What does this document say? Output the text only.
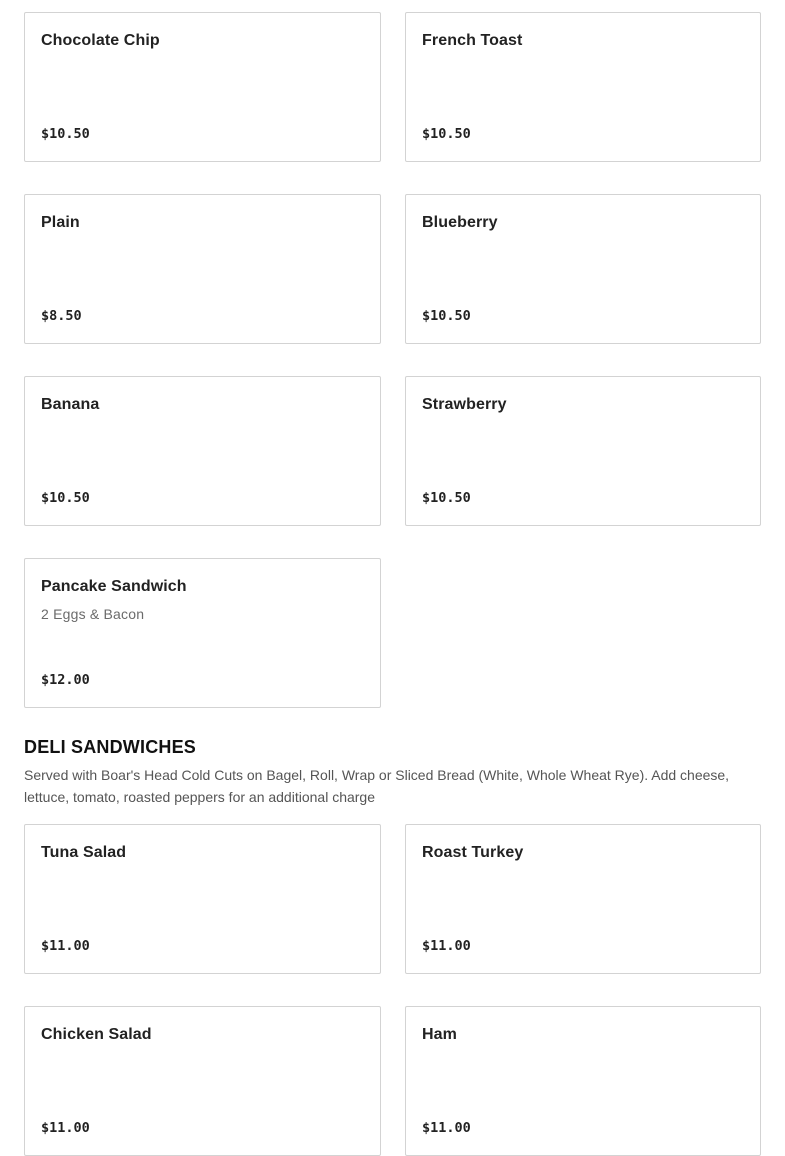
Chocolate Chip
$10.50
French Toast
$10.50
Plain
$8.50
Blueberry
$10.50
Banana
$10.50
Strawberry
$10.50
Pancake Sandwich
2 Eggs & Bacon
$12.00
DELI SANDWICHES
Served with Boar's Head Cold Cuts on Bagel, Roll, Wrap or Sliced Bread (White, Whole Wheat Rye). Add cheese, lettuce, tomato, roasted peppers for an additional charge
Tuna Salad
$11.00
Roast Turkey
$11.00
Chicken Salad
$11.00
Ham
$11.00
